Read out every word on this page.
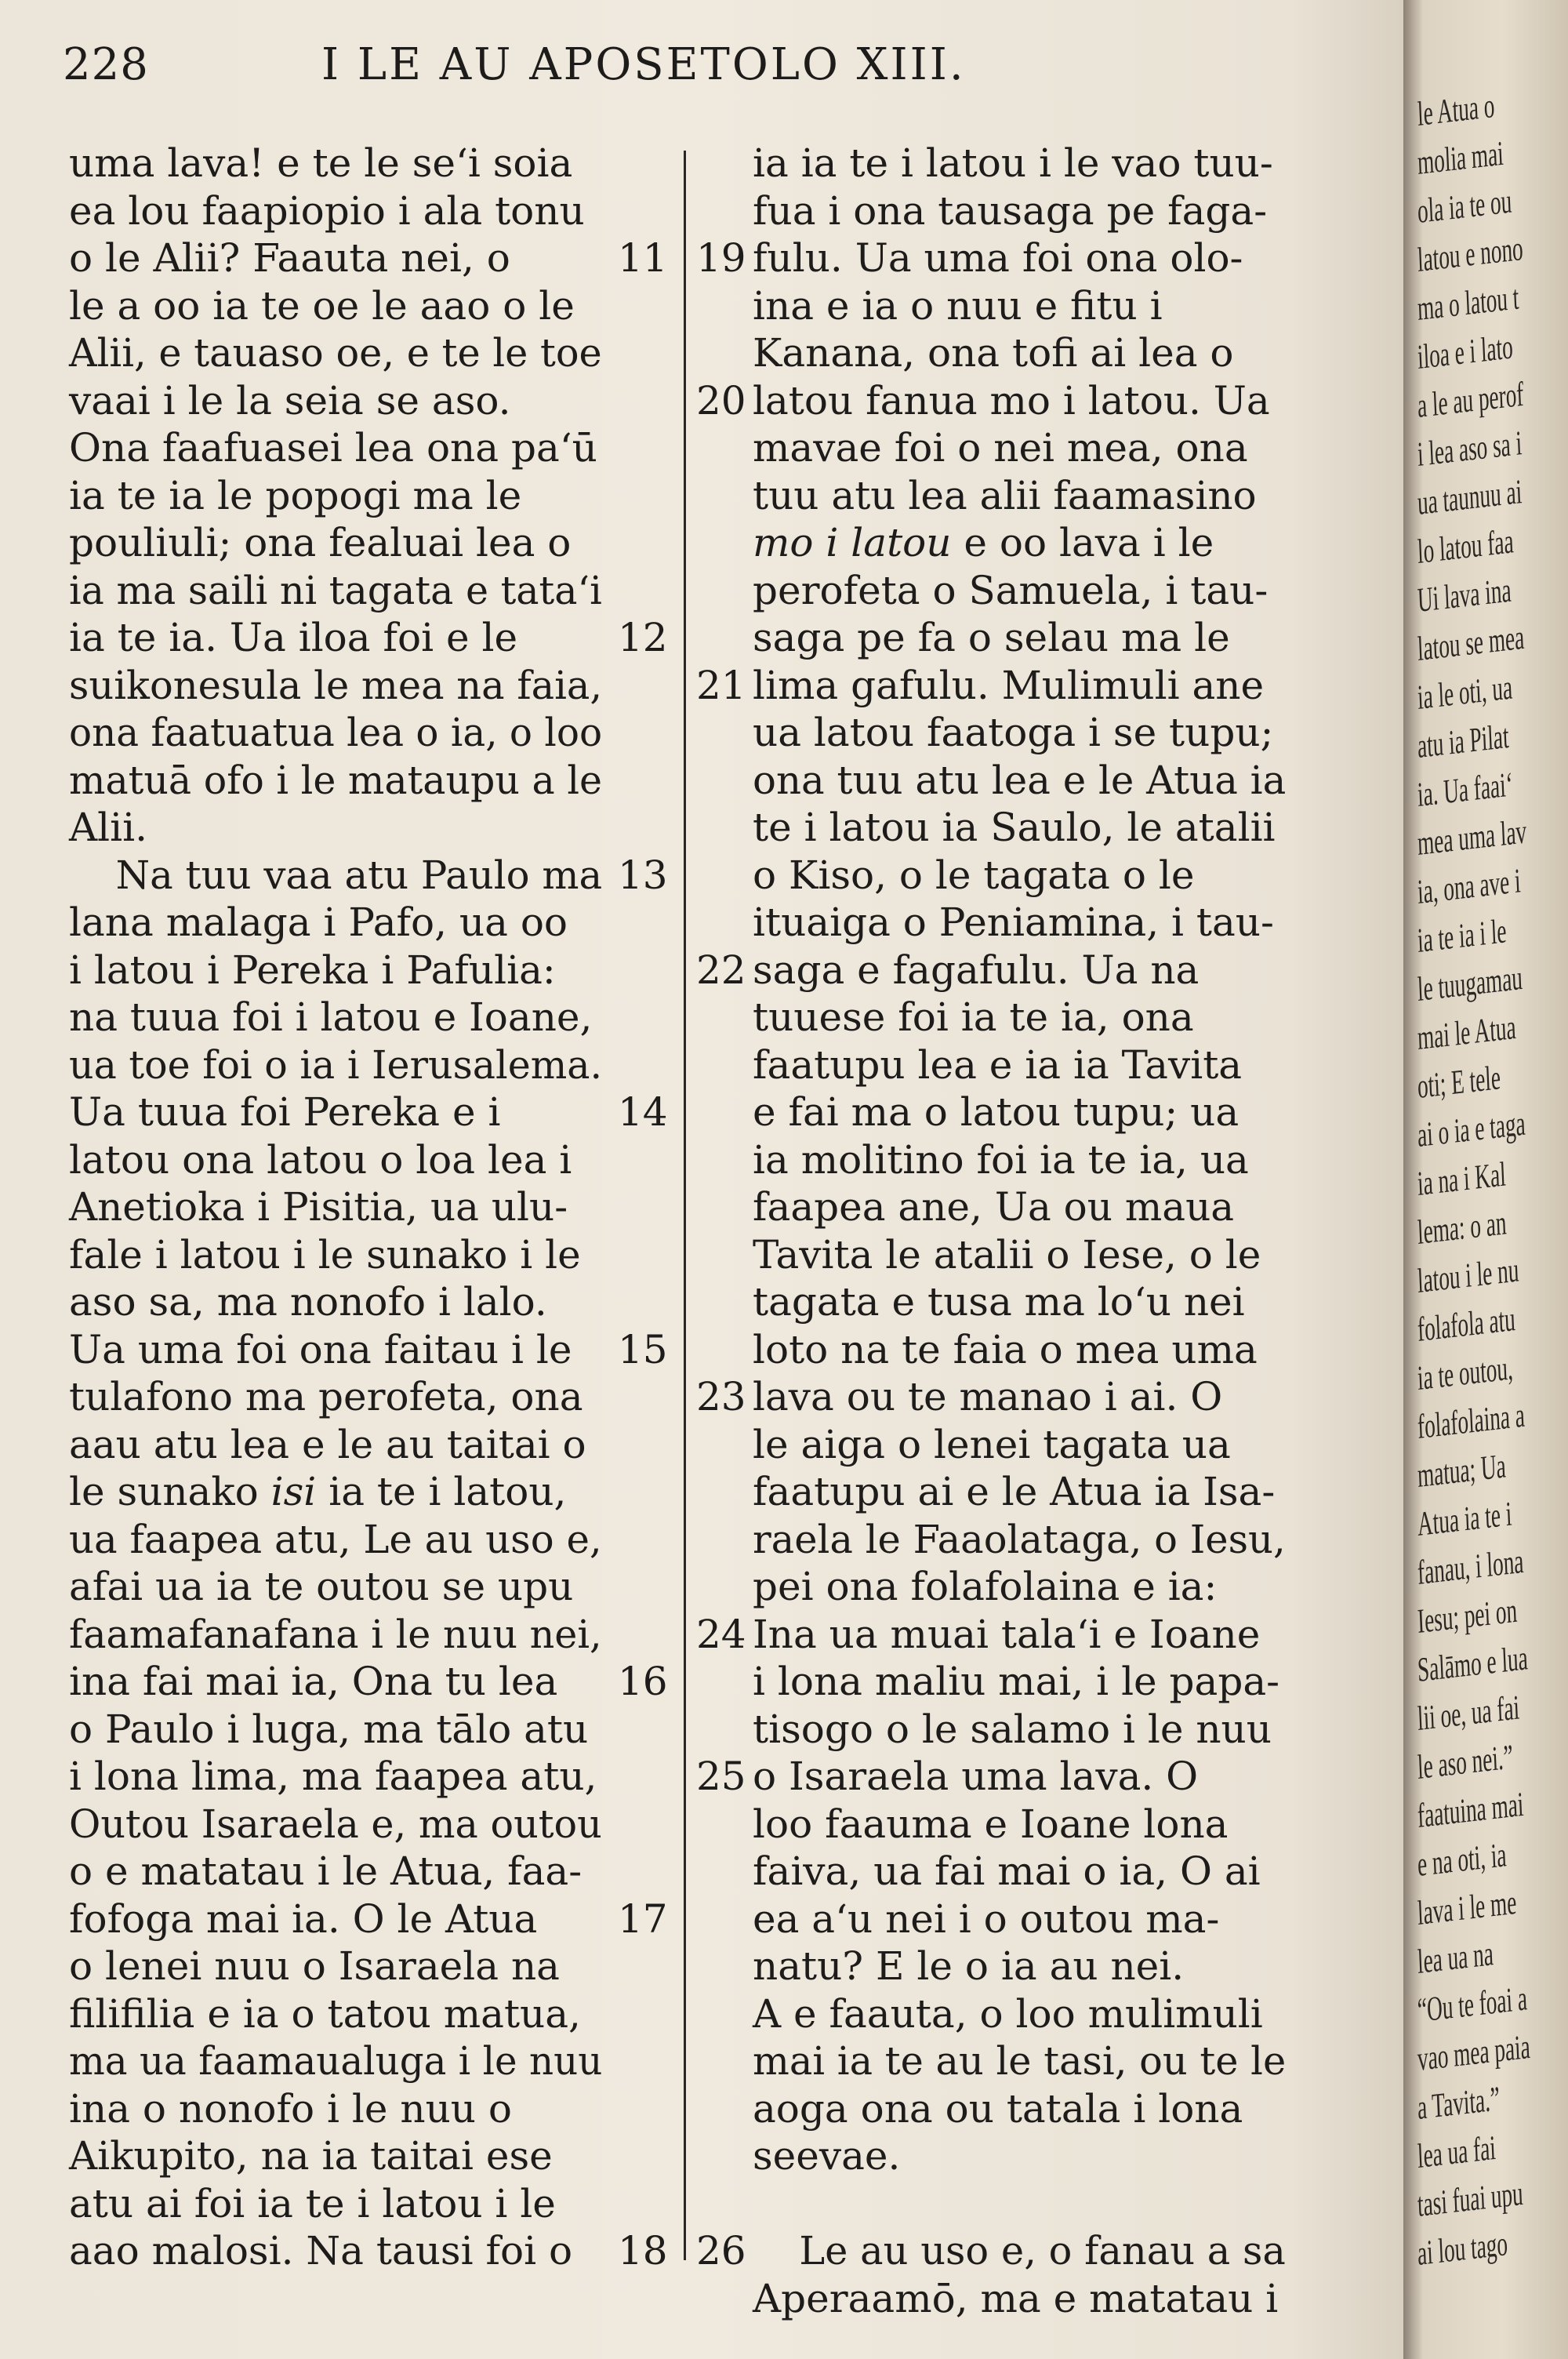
228	I LE AU APOSETOLO XIII.
uma lava! e te le se‘i soia
ea lou faapiopio i ala tonu
o le Alii? Faauta nei, o	11
le a oo ia te oe le aao o le
Alii, e tauaso oe, e te le toe
vaai i le la seia se aso.
Ona faafuasei lea ona pa‘ū
ia te ia le popogi ma le
pouliuli; ona fealuai lea o
ia ma saili ni tagata e tata‘i
ia te ia. Ua iloa foi e le	12
suikonesula le mea na faia,
ona faatuatua lea o ia, o loo
matuā ofo i le mataupu a le
Alii.
Na tuu vaa atu Paulo ma 13
lana malaga i Pafo, ua oo
i latou i Pereka i Pafulia:
na tuua foi i latou e Ioane,
ua toe foi o ia i Ierusalema.
Ua tuua foi Pereka e i	14
latou ona latou o loa lea i
Anetioka i Pisitia, ua ulu-
fale i latou i le sunako i le
aso sa, ma nonofo i lalo.
Ua uma foi ona faitau i le 15
tulafono ma perofeta, ona
aau atu lea e le au taitai o
le sunako isi ia te i latou,
ua faapea atu, Le au uso e,
afai ua ia te outou se upu
faamafanafana i le nuu nei,
ina fai mai ia, Ona tu lea 16
o Paulo i luga, ma tālo atu
i lona lima, ma faapea atu,
Outou Isaraela e, ma outou
o e matatau i le Atua, faa-
fofoga mai ia. O le Atua 17
o lenei nuu o Isaraela na
filifilia e ia o tatou matua,
ma ua faamaualuga i le nuu
ina o nonofo i le nuu o
Aikupito, na ia taitai ese
atu ai foi ia te i latou i le
aao malosi. Na tausi foi o 18
ia ia te i latou i le vao tuu-
fua i ona tausaga pe faga-
fulu. Ua uma foi ona olo-
19
ina e ia o nuu e fitu i
Kanana, ona tofi ai lea o
latou fanua mo i latou. Ua
20
mavae foi o nei mea, ona
tuu atu lea alii faamasino
mo i latou e oo lava i le
perofeta o Samuela, i tau-
saga pe fa o selau ma le
lima gafulu. Mulimuli ane
21
ua latou faatoga i se tupu;
ona tuu atu lea e le Atua ia
te i latou ia Saulo, le atalii
o Kiso, o le tagata o le
ituaiga o Peniamina, i tau-
saga e fagafulu. Ua na
22
tuuese foi ia te ia, ona
faatupu lea e ia ia Tavita
e fai ma o latou tupu; ua
ia molitino foi ia te ia, ua
faapea ane, Ua ou maua
Tavita le atalii o Iese, o le
tagata e tusa ma lo‘u nei
loto na te faia o mea uma
lava ou te manao i ai. O
23
le aiga o lenei tagata ua
faatupu ai e le Atua ia Isa-
raela le Faaolataga, o Iesu,
pei ona folafolaina e ia:
Ina ua muai tala‘i e Ioane
24
i lona maliu mai, i le papa-
tisogo o le salamo i le nuu
o Isaraela uma lava. O
25
loo faauma e Ioane lona
faiva, ua fai mai o ia, O ai
ea a‘u nei i o outou ma-
natu? E le o ia au nei.
A e faauta, o loo mulimuli
mai ia te au le tasi, ou te le
aoga ona ou tatala i lona
seevae.
Le au uso e, o fanau a sa
26
Aperaamō, ma e matatau i
le Atua o
molia mai
ola ia te ou
latou e nono
ma o latou t
iloa e i lato
a le au perof
i lea aso sa i
ua taunuu ai
lo latou faa
Ui lava ina
latou se mea
ia le oti, ua
atu ia Pilat
ia. Ua faai‘
mea uma lav
ia, ona ave i
ia te ia i le
le tuugamau
mai le Atua
oti; E tele
ai o ia e taga
ia na i Kal
lema: o an
latou i le nu
folafola atu
ia te outou,
folafolaina a
matua; Ua
Atua ia te i
fanau, i lona
Iesu; pei on
Salāmo e lua
lii oe, ua fai
le aso nei.”
faatuina mai
e na oti, ia
lava i le me
lea ua na
“Ou te foai a
vao mea paia
a Tavita.”
lea ua fai
tasi fuai upu
ai lou tago
